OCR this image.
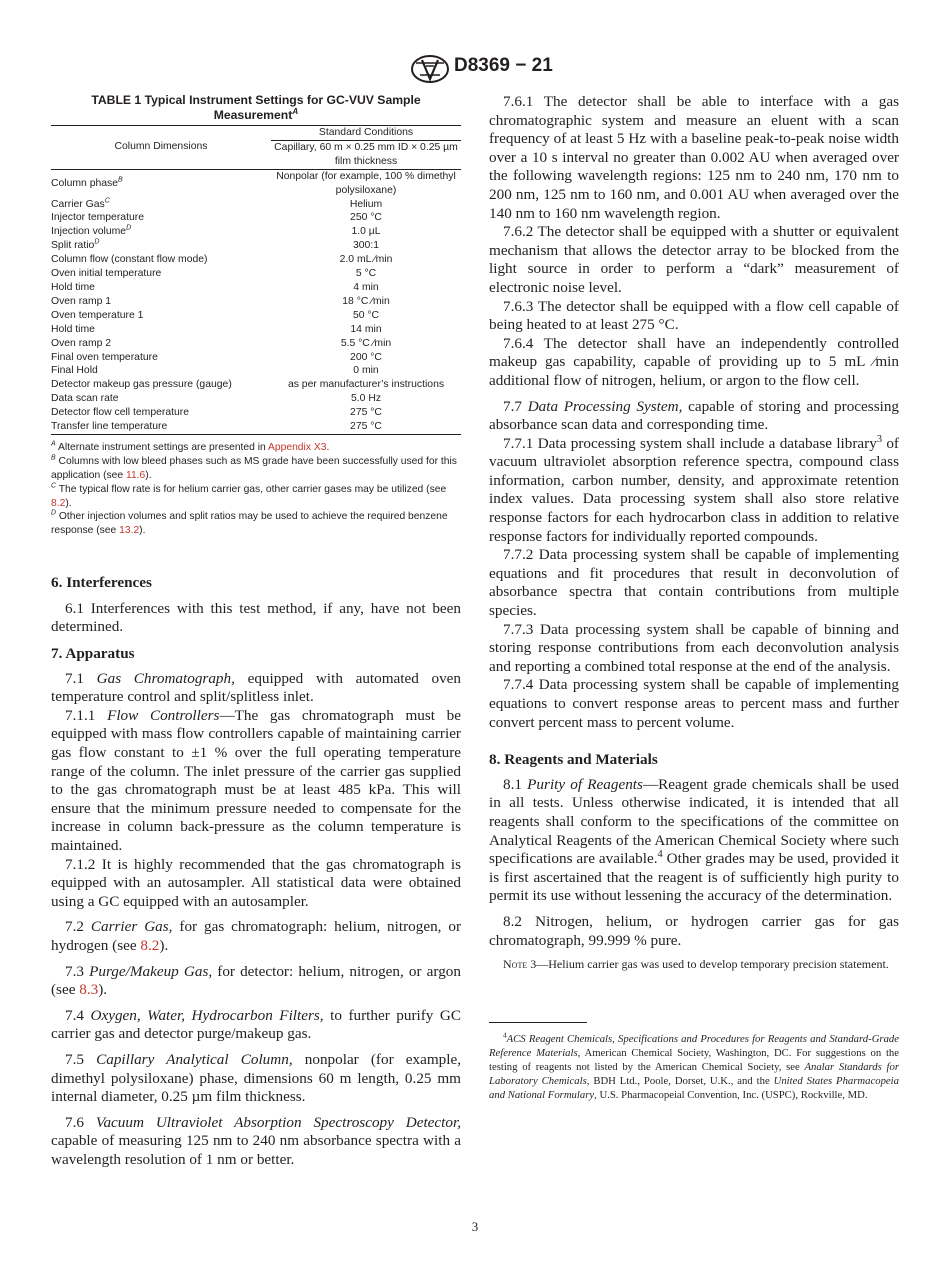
D8369 − 21

TABLE 1 Typical Instrument Settings for GC-VUV Sample Measurement$^A$

Column Dimensions	Standard Conditions
	Capillary, 60 m × 0.25 mm ID × 0.25 µm film thickness
Column phase$^B$	Nonpolar (for example, 100 % dimethyl polysiloxane)
Carrier Gas$^C$	Helium
Injector temperature	250 °C
Injection volume$^D$	1.0 µL
Split ratio$^D$	300:1
Column flow (constant flow mode)	2.0 mL ⁄min
Oven initial temperature	5 °C
Hold time	4 min
Oven ramp 1	18 °C ⁄min
Oven temperature 1	50 °C
Hold time	14 min
Oven ramp 2	5.5 °C ⁄min
Final oven temperature	200 °C
Final Hold	0 min
Detector makeup gas pressure (gauge)	as per manufacturer’s instructions
Data scan rate	5.0 Hz
Detector flow cell temperature	275 °C
Transfer line temperature	275 °C

$^A$ Alternate instrument settings are presented in Appendix X3.

$^B$ Columns with low bleed phases such as MS grade have been successfully used for this application (see 11.6).

$^C$ The typical flow rate is for helium carrier gas, other carrier gases may be utilized (see 8.2).

$^D$ Other injection volumes and split ratios may be used to achieve the required benzene response (see 13.2).

6. Interferences

6.1 Interferences with this test method, if any, have not been determined.

7. Apparatus

7.1 Gas Chromatograph, equipped with automated oven temperature control and split/splitless inlet.

7.1.1 Flow Controllers—The gas chromatograph must be equipped with mass flow controllers capable of maintaining carrier gas flow constant to ±1 % over the full operating temperature range of the column. The inlet pressure of the carrier gas supplied to the gas chromatograph must be at least 485 kPa. This will ensure that the minimum pressure needed to compensate for the increase in column back-pressure as the column temperature is maintained.

7.1.2 It is highly recommended that the gas chromatograph is equipped with an autosampler. All statistical data were obtained using a GC equipped with an autosampler.

7.2 Carrier Gas, for gas chromatograph: helium, nitrogen, or hydrogen (see 8.2).

7.3 Purge/Makeup Gas, for detector: helium, nitrogen, or argon (see 8.3).

7.4 Oxygen, Water, Hydrocarbon Filters, to further purify GC carrier gas and detector purge/makeup gas.

7.5 Capillary Analytical Column, nonpolar (for example, dimethyl polysiloxane) phase, dimensions 60 m length, 0.25 mm internal diameter, 0.25 µm film thickness.

7.6 Vacuum Ultraviolet Absorption Spectroscopy Detector, capable of measuring 125 nm to 240 nm absorbance spectra with a wavelength resolution of 1 nm or better.

7.6.1 The detector shall be able to interface with a gas chromatographic system and measure an eluent with a scan frequency of at least 5 Hz with a baseline peak-to-peak noise width over a 10 s interval no greater than 0.002 AU when averaged over the following wavelength regions: 125 nm to 240 nm, 170 nm to 200 nm, 125 nm to 160 nm, and 0.001 AU when averaged over the 140 nm to 160 nm wavelength region.

7.6.2 The detector shall be equipped with a shutter or equivalent mechanism that allows the detector array to be blocked from the light source in order to perform a “dark” measurement of electronic noise level.

7.6.3 The detector shall be equipped with a flow cell capable of being heated to at least 275 °C.

7.6.4 The detector shall have an independently controlled makeup gas capability, capable of providing up to 5 mL ⁄min additional flow of nitrogen, helium, or argon to the flow cell.

7.7 Data Processing System, capable of storing and processing absorbance scan data and corresponding time.

7.7.1 Data processing system shall include a database library$^3$ of vacuum ultraviolet absorption reference spectra, compound class information, carbon number, density, and approximate retention index values. Data processing system shall also store relative response factors for each hydrocarbon class in addition to relative response factors for individually reported compounds.

7.7.2 Data processing system shall be capable of implementing equations and fit procedures that result in deconvolution of absorbance spectra that contain contributions from multiple species.

7.7.3 Data processing system shall be capable of binning and storing response contributions from each deconvolution analysis and reporting a combined total response at the end of the analysis.

7.7.4 Data processing system shall be capable of implementing equations to convert response areas to percent mass and further convert percent mass to percent volume.

8. Reagents and Materials

8.1 Purity of Reagents—Reagent grade chemicals shall be used in all tests. Unless otherwise indicated, it is intended that all reagents shall conform to the specifications of the committee on Analytical Reagents of the American Chemical Society where such specifications are available.$^4$ Other grades may be used, provided it is first ascertained that the reagent is of sufficiently high purity to permit its use without lessening the accuracy of the determination.

8.2 Nitrogen, helium, or hydrogen carrier gas for gas chromatograph, 99.999 % pure.

Note 3—Helium carrier gas was used to develop temporary precision statement.

$^4$ACS Reagent Chemicals, Specifications and Procedures for Reagents and Standard-Grade Reference Materials, American Chemical Society, Washington, DC. For suggestions on the testing of reagents not listed by the American Chemical Society, see Analar Standards for Laboratory Chemicals, BDH Ltd., Poole, Dorset, U.K., and the United States Pharmacopeia and National Formulary, U.S. Pharmacopeial Convention, Inc. (USPC), Rockville, MD.

3
